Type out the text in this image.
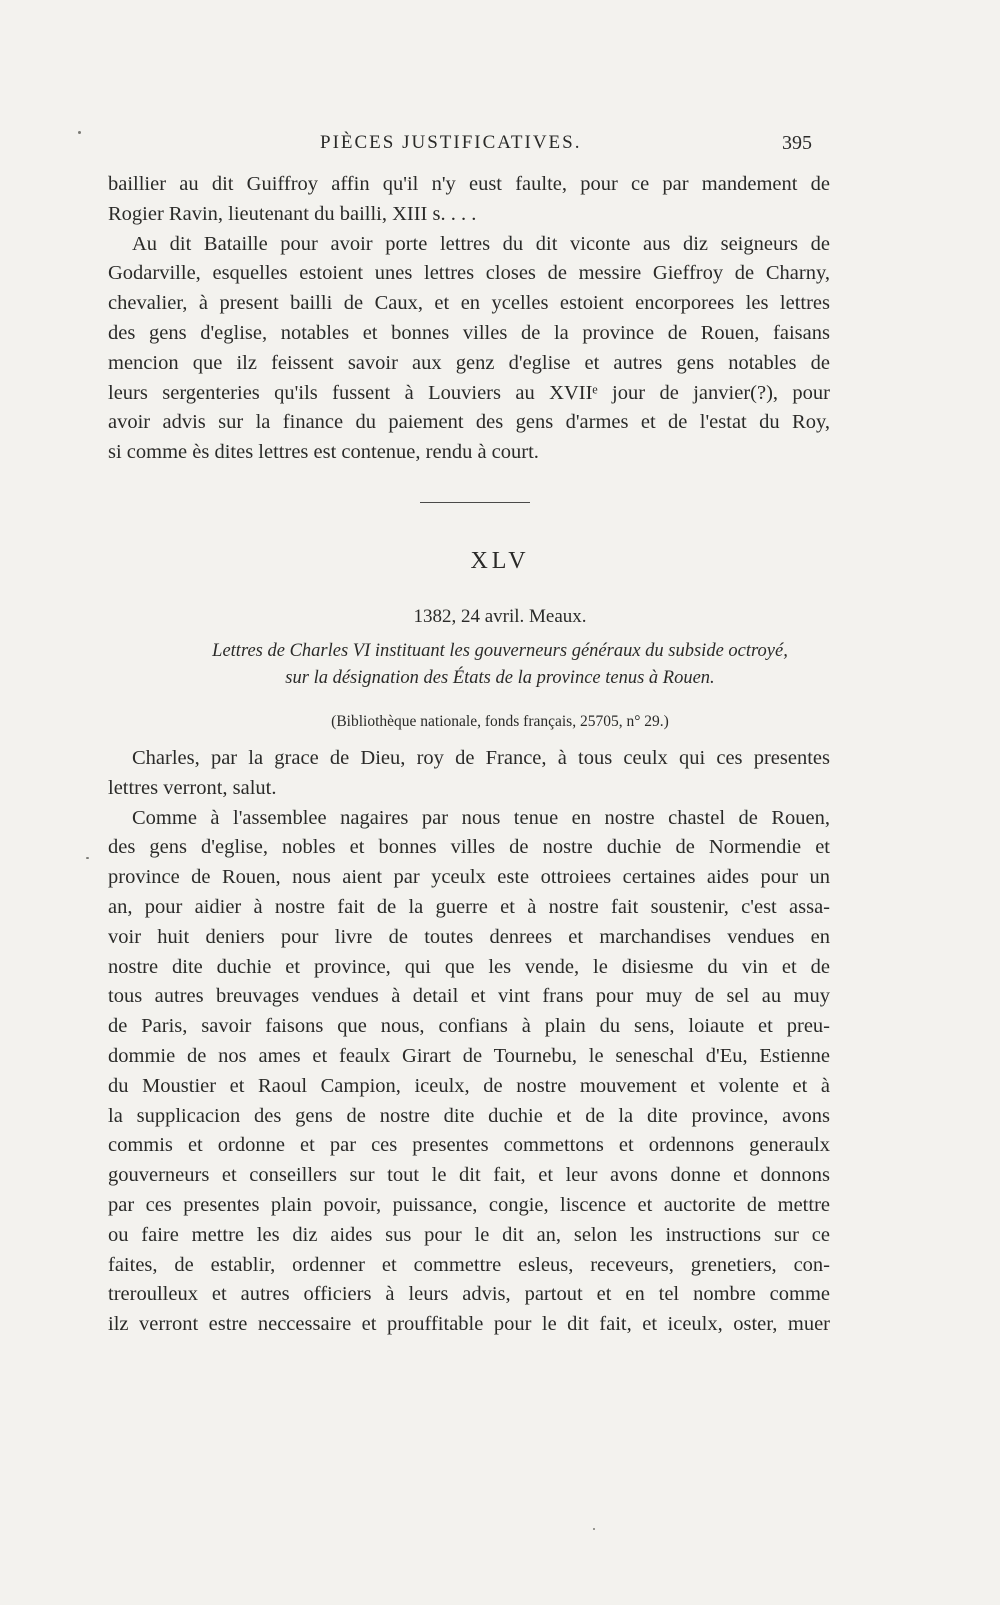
PIÈCES JUSTIFICATIVES.	395
baillier au dit Guiffroy affin qu'il n'y eust faulte, pour ce par mandement de
Rogier Ravin, lieutenant du bailli, XIII s. . . .
Au dit Bataille pour avoir porte lettres du dit viconte aus diz seigneurs de
Godarville, esquelles estoient unes lettres closes de messire Gieffroy de Charny,
chevalier, à present bailli de Caux, et en ycelles estoient encorporees les lettres
des gens d'eglise, notables et bonnes villes de la province de Rouen, faisans
mencion que ilz feissent savoir aux genz d'eglise et autres gens notables de
leurs sergenteries qu'ils fussent à Louviers au XVIIᵉ jour de janvier(?), pour
avoir advis sur la finance du paiement des gens d'armes et de l'estat du Roy,
si comme ès dites lettres est contenue, rendu à court.
XLV
1382, 24 avril. Meaux.
Lettres de Charles VI instituant les gouverneurs généraux du subside octroyé,
sur la désignation des États de la province tenus à Rouen.
(Bibliothèque nationale, fonds français, 25705, n° 29.)
Charles, par la grace de Dieu, roy de France, à tous ceulx qui ces presentes
lettres verront, salut.
Comme à l'assemblee nagaires par nous tenue en nostre chastel de Rouen,
des gens d'eglise, nobles et bonnes villes de nostre duchie de Normendie et
province de Rouen, nous aient par yceulx este ottroiees certaines aides pour un
an, pour aidier à nostre fait de la guerre et à nostre fait soustenir, c'est assa-
voir huit deniers pour livre de toutes denrees et marchandises vendues en
nostre dite duchie et province, qui que les vende, le disiesme du vin et de
tous autres breuvages vendues à detail et vint frans pour muy de sel au muy
de Paris, savoir faisons que nous, confians à plain du sens, loiaute et preu-
dommie de nos ames et feaulx Girart de Tournebu, le seneschal d'Eu, Estienne
du Moustier et Raoul Campion, iceulx, de nostre mouvement et volente et à
la supplicacion des gens de nostre dite duchie et de la dite province, avons
commis et ordonne et par ces presentes commettons et ordennons generaulx
gouverneurs et conseillers sur tout le dit fait, et leur avons donne et donnons
par ces presentes plain povoir, puissance, congie, liscence et auctorite de mettre
ou faire mettre les diz aides sus pour le dit an, selon les instructions sur ce
faites, de establir, ordenner et commettre esleus, receveurs, grenetiers, con-
treroulleux et autres officiers à leurs advis, partout et en tel nombre comme
ilz verront estre neccessaire et prouffitable pour le dit fait, et iceulx, oster, muer
